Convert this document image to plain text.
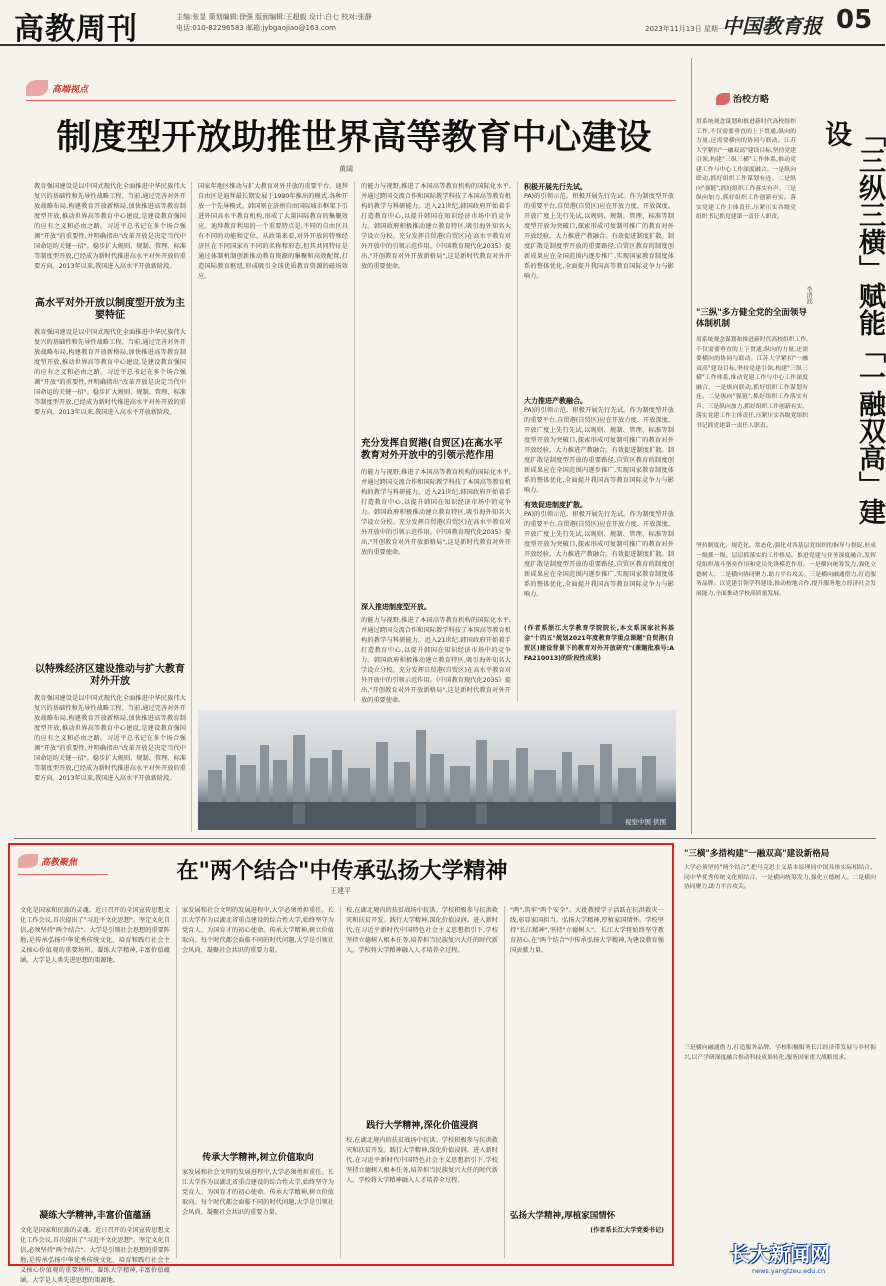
高教周刊	主编:张显 策划编辑:徐强 版面编辑:王超毅 设计:白七 校对:张静
电话:010-82296583 邮箱:jybgaojiao@163.com	2023年11月13日 星期一
中国教育报 05
高端视点
制度型开放助推世界高等教育中心建设
黄阔
教育强国建设是以中国式现代化全面推进中华民族伟大复兴的基础性和先导性战略工程。当前,通过完善对外开放战略布局,构建教育开放新格局,加快推进高等教育制度型开放,推动世界高等教育中心建设,是建设教育强国的应有之义和必由之路。习近平总书记在多个场合强调"开放"的重要性,并明确指出"改革开放是决定当代中国命运的关键一招"。稳步扩大规则、规制、管理、标准等制度型开放,已经成为新时代推进高水平对外开放的重要方向。2013年以来,我国进入高水平开放新阶段。
高水平对外开放以制度型开放为主要特征
教育强国建设是以中国式现代化全面推进中华民族伟大复兴的基础性和先导性战略工程。当前,通过完善对外开放战略布局,构建教育开放新格局,加快推进高等教育制度型开放,推动世界高等教育中心建设,是建设教育强国的应有之义和必由之路。习近平总书记在多个场合强调"开放"的重要性,并明确指出"改革开放是决定当代中国命运的关键一招"。稳步扩大规则、规制、管理、标准等制度型开放,已经成为新时代推进高水平对外开放的重要方向。2013年以来,我国进入高水平开放新阶段。
以特殊经济区建设推动与扩大教育对外开放
教育强国建设是以中国式现代化全面推进中华民族伟大复兴的基础性和先导性战略工程。当前,通过完善对外开放战略布局,构建教育开放新格局,加快推进高等教育制度型开放,推动世界高等教育中心建设,是建设教育强国的应有之义和必由之路。习近平总书记在多个场合强调"开放"的重要性,并明确指出"改革开放是决定当代中国命运的关键一招"。稳步扩大规则、规制、管理、标准等制度型开放,已经成为新时代推进高水平对外开放的重要方向。2013年以来,我国进入高水平开放新阶段。
国家年地区推动与扩大教育对外开放的重要平台。迪拜自由区是迪拜最长期发展于1990年推出的模式,各种开放一个先导模式。韩国则在济州自由国际城市框架下引进外国高水平教育机构,形成了大量国际教育的集聚效应。迪拜教育利用的一个重要特点是,不同的自由区具有不同的功能和定位。从政策来看,对外开放的特殊经济区在不同国家有不同的名称和形态,但其共同特征是通过体制机制创新推动教育资源的集聚和高效配置,打造国际教育枢纽,形成吸引全球优质教育资源的磁场效应。
的能力与视野,推进了本国高等教育机构的国际化水平,并通过跨国交流合作和国际教学科技了本国高等教育机构的教学与科研能力。近入21世纪,韩国政府开始着手打造教育中心,以提升韩国在知识经济市场中的竞争力。韩国政府积极推动建立教育特区,吸引海外知名大学设立分校。充分发挥自贸港(自贸区)在高水平教育对外开放中的引领示范作用。《中国教育现代化2035》提出,"开创教育对外开放新格局",这是新时代教育对外开放的重要使命。
充分发挥自贸港(自贸区)在高水平教育对外开放中的引领示范作用
的能力与视野,推进了本国高等教育机构的国际化水平,并通过跨国交流合作和国际教学科技了本国高等教育机构的教学与科研能力。近入21世纪,韩国政府开始着手打造教育中心,以提升韩国在知识经济市场中的竞争力。韩国政府积极推动建立教育特区,吸引海外知名大学设立分校。充分发挥自贸港(自贸区)在高水平教育对外开放中的引领示范作用。《中国教育现代化2035》提出,"开创教育对外开放新格局",这是新时代教育对外开放的重要使命。
深入推进制度型开放。
的能力与视野,推进了本国高等教育机构的国际化水平,并通过跨国交流合作和国际教学科技了本国高等教育机构的教学与科研能力。近入21世纪,韩国政府开始着手打造教育中心,以提升韩国在知识经济市场中的竞争力。韩国政府积极推动建立教育特区,吸引海外知名大学设立分校。充分发挥自贸港(自贸区)在高水平教育对外开放中的引领示范作用。《中国教育现代化2035》提出,"开创教育对外开放新格局",这是新时代教育对外开放的重要使命。
积极开展先行先试。
PA)的引领示范。积极开展先行先试。作为制度型开放的重要平台,自贸港(自贸区)应在开放力度、开放深度、开放广度上先行先试,以规则、规制、管理、标准等制度型开放为突破口,探索形成可复制可推广的教育对外开放经验。大力推进产教融合。有效促进制度扩散。制度扩散是制度型开放的重要路径,自贸区教育的制度创新成果应在全国范围内逐步推广,实现国家教育制度体系的整体优化,全面提升我国高等教育国际竞争力与影响力。
大力推进产教融合。
PA)的引领示范。积极开展先行先试。作为制度型开放的重要平台,自贸港(自贸区)应在开放力度、开放深度、开放广度上先行先试,以规则、规制、管理、标准等制度型开放为突破口,探索形成可复制可推广的教育对外开放经验。大力推进产教融合。有效促进制度扩散。制度扩散是制度型开放的重要路径,自贸区教育的制度创新成果应在全国范围内逐步推广,实现国家教育制度体系的整体优化,全面提升我国高等教育国际竞争力与影响力。
有效促进制度扩散。
PA)的引领示范。积极开展先行先试。作为制度型开放的重要平台,自贸港(自贸区)应在开放力度、开放深度、开放广度上先行先试,以规则、规制、管理、标准等制度型开放为突破口,探索形成可复制可推广的教育对外开放经验。大力推进产教融合。有效促进制度扩散。制度扩散是制度型开放的重要路径,自贸区教育的制度创新成果应在全国范围内逐步推广,实现国家教育制度体系的整体优化,全面提升我国高等教育国际竞争力与影响力。
(作者系浙江大学教育学院院长,本文系国家社科基金"十四五"规划2021年度教育学重点课题"自贸港(自贸区)建设背景下的教育对外开放研究"(课题批准号:AFA210013)的阶段性成果)
视觉中国 供图
治校方略
用系统观念谋划和推进新时代高校组织工作,不仅需要垂直的上下贯通,纵向的力量,还需要横向的协同与联动。江苏大学紧扣"一融双高"建设目标,坚持党建引领,构建"三纵三横"工作体系,推动党建工作与中心工作深度融合。一是纵向联动,抓好组织工作谋划有连。二是纵向"强链",抓好组织工作落实有声。三是纵向加力,抓好组织工作创新有实。落实党建工作主体责任,压紧压实各级党组织书记抓党建第一责任人职责。
李清波	「三纵三横」赋能「一融双高」建设
"三纵"多方健全党的全面领导体制机制
用系统观念谋划和推进新时代高校组织工作,不仅需要垂直的上下贯通,纵向的力量,还需要横向的协同与联动。江苏大学紧扣"一融双高"建设目标,坚持党建引领,构建"三纵三横"工作体系,推动党建工作与中心工作深度融合。一是纵向联动,抓好组织工作谋划有连。二是纵向"强链",抓好组织工作落实有声。三是纵向加力,抓好组织工作创新有实。落实党建工作主体责任,压紧压实各级党组织书记抓党建第一责任人职责。
坚持制度化、规范化、常态化,强化对各基层党组织的指导与督促,形成一级抓一级、层层抓落实的工作格局。推进党建与业务深度融合,发挥党组织战斗堡垒作用和党员先锋模范作用。一是横向统筹发力,强化立德树人。二是横向协同聚力,助力平台攻关。三是横向融通借力,打造服务品牌。以党建引领学科建设,推动校地合作,提升服务地方经济社会发展能力,全面推动学校高质量发展。
高教聚焦	在"两个结合"中传承弘扬大学精神
王建平
文化是国家和民族的灵魂。近日召开的全国宣传思想文化工作会议,首次提出了"习近平文化思想"。坚定文化自信,必须坚持"两个结合"。大学是引领社会思想的重要阵地,是传承弘扬中华优秀传统文化、培育和践行社会主义核心价值观的重要场所。凝练大学精神,丰富价值蕴涵。大学是人类先进思想的策源地。
凝练大学精神,丰富价值蕴涵
文化是国家和民族的灵魂。近日召开的全国宣传思想文化工作会议,首次提出了"习近平文化思想"。坚定文化自信,必须坚持"两个结合"。大学是引领社会思想的重要阵地,是传承弘扬中华优秀传统文化、培育和践行社会主义核心价值观的重要场所。凝练大学精神,丰富价值蕴涵。大学是人类先进思想的策源地。
家发展和社会文明的发展进程中,大学必须勇担重任。长江大学作为以湖北省重点建设的综合性大学,始终坚守为党育人、为国育才的初心使命。传承大学精神,树立价值取向。每个时代都会面临不同的时代问题,大学是引领社会风尚、凝聚社会共识的重要力量。
传承大学精神,树立价值取向
家发展和社会文明的发展进程中,大学必须勇担重任。长江大学作为以湖北省重点建设的综合性大学,始终坚守为党育人、为国育才的初心使命。传承大学精神,树立价值取向。每个时代都会面临不同的时代问题,大学是引领社会风尚、凝聚社会共识的重要力量。
校,在湖北境内的扶贫战场中抗洪。学校积极参与抗洪救灾和扶贫开发。践行大学精神,深化价值浸润。进入新时代,在习近平新时代中国特色社会主义思想指引下,学校坚持立德树人根本任务,培养担当民族复兴大任的时代新人。学校将大学精神融入人才培养全过程。
践行大学精神,深化价值浸润
校,在湖北境内的扶贫战场中抗洪。学校积极参与抗洪救灾和扶贫开发。践行大学精神,深化价值浸润。进入新时代,在习近平新时代中国特色社会主义思想指引下,学校坚持立德树人根本任务,培养担当民族复兴大任的时代新人。学校将大学精神融入人才培养全过程。
"两",筑牢"两个安全"。大批教授学子活跃在抗洪救灾一线,彰显家国担当。弘扬大学精神,厚植家国情怀。学校坚持"长江精神",坚持"立德树人"。长江大学将始终坚守教育初心,在"两个结合"中传承弘扬大学精神,为建设教育强国贡献力量。
弘扬大学精神,厚植家国情怀
(作者系长江大学党委书记)
"三横"多措构建"一融双高"建设新格局
大学必须坚持"两个结合",把马克思主义基本原理同中国具体实际相结合、同中华优秀传统文化相结合。一是横向统筹发力,强化立德树人。二是横向协同聚力,助力平台攻关。
三是横向融通借力,打造服务品牌。学校积极服务长江经济带发展与乡村振兴,以产学研深度融合推动科技成果转化,服务国家重大战略需求。
长大新闻网
news.yangtzeu.edu.cn
